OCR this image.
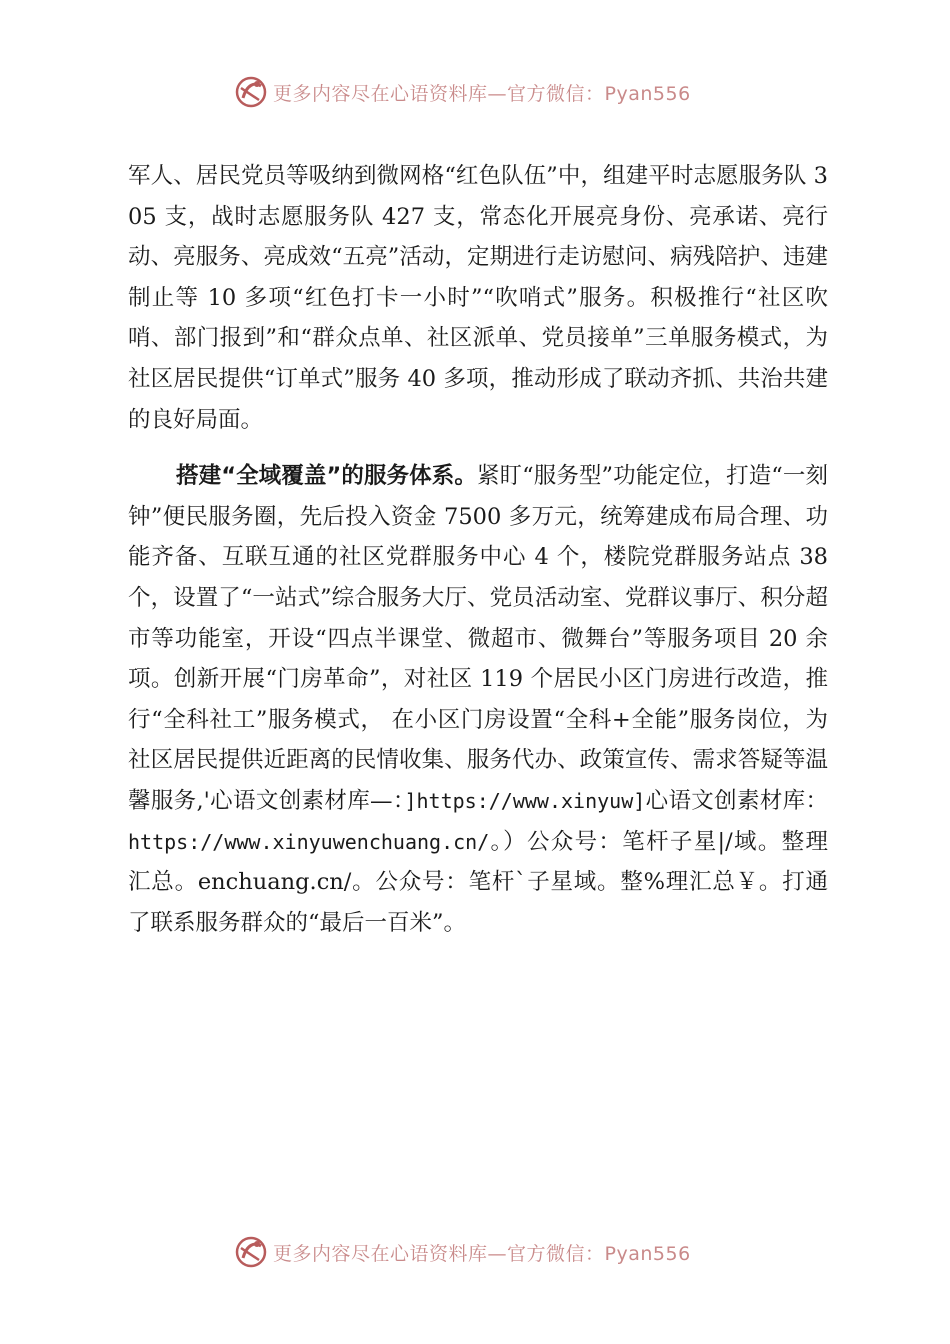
更多内容尽在心语资料库—官方微信：Pyan556

军人、居民党员等吸纳到微网格“红色队伍”中，组建平时志愿服务队 305 支，战时志愿服务队 427 支，常态化开展亮身份、亮承诺、亮行动、亮服务、亮成效“五亮”活动，定期进行走访慰问、病残陪护、违建制止等 10 多项“红色打卡一小时”“吹哨式”服务。积极推行“社区吹哨、部门报到”和“群众点单、社区派单、党员接单”三单服务模式，为社区居民提供“订单式”服务 40 多项，推动形成了联动齐抓、共治共建的良好局面。

搭建“全域覆盖”的服务体系。紧盯“服务型”功能定位，打造“一刻钟”便民服务圈，先后投入资金 7500 多万元，统筹建成布局合理、功能齐备、互联互通的社区党群服务中心 4 个，楼院党群服务站点 38 个，设置了“一站式”综合服务大厅、党员活动室、党群议事厅、积分超市等功能室，开设“四点半课堂、微超市、微舞台”等服务项目 20 余项。创新开展“门房革命”，对社区 119 个居民小区门房进行改造，推行“全科社工”服务模式， 在小区门房设置“全科+全能”服务岗位，为社区居民提供近距离的民情收集、服务代办、政策宣传、需求答疑等温馨服务,'心语文创素材库—：]https://www.xinyuw]心语文创素材库：https://www.xinyuwenchuang.cn/。）公众号：笔杆子星|/域。整理汇总。enchuang.cn/。公众号：笔杆`子星域。整%理汇总￥。打通了联系服务群众的“最后一百米”。

更多内容尽在心语资料库—官方微信：Pyan556
